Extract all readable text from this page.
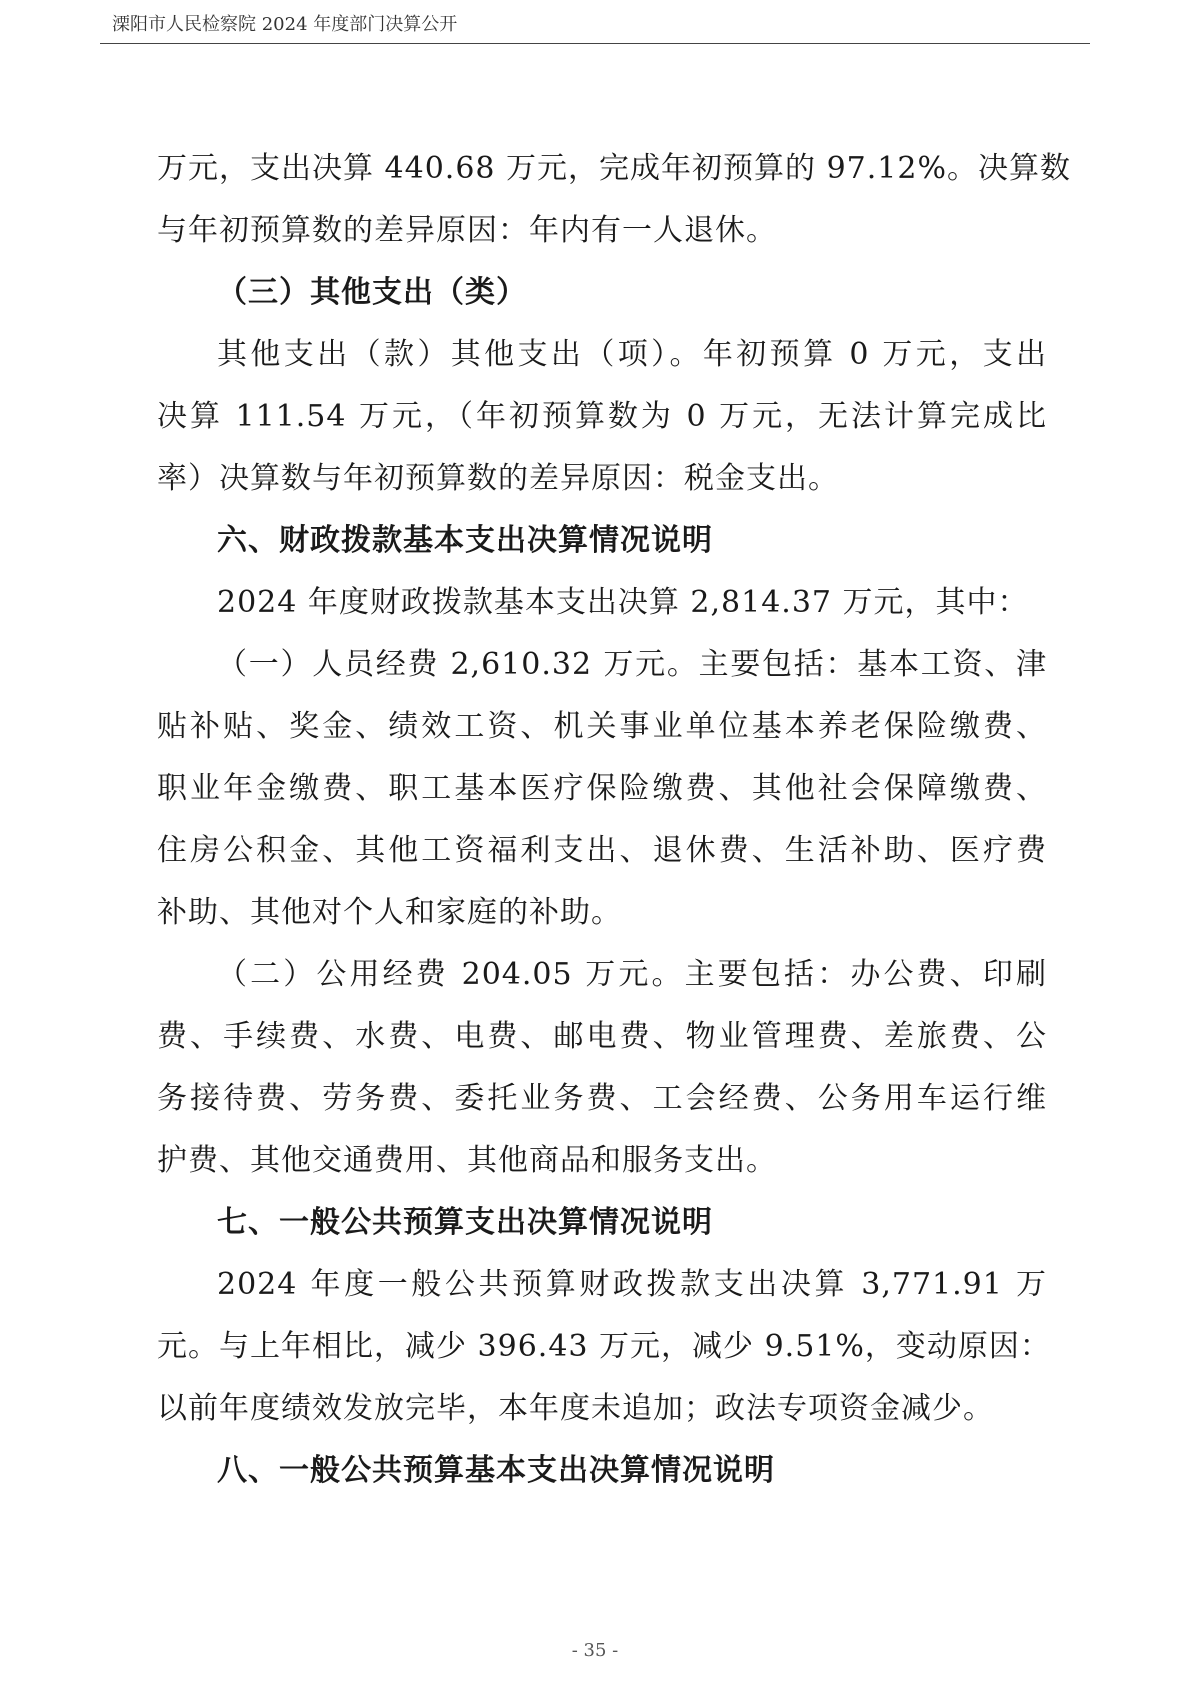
溧阳市人民检察院 2024 年度部门决算公开
万元，支出决算 440.68 万元，完成年初预算的 97.12%。决算数
与年初预算数的差异原因：年内有一人退休。
（三）其他支出（类）
其他支出（款）其他支出（项）。年初预算 0 万元，支出
决算 111.54 万元，（年初预算数为 0 万元，无法计算完成比
率）决算数与年初预算数的差异原因：税金支出。
六、财政拨款基本支出决算情况说明
2024 年度财政拨款基本支出决算 2,814.37 万元，其中：
（一）人员经费 2,610.32 万元。主要包括：基本工资、津
贴补贴、奖金、绩效工资、机关事业单位基本养老保险缴费、
职业年金缴费、职工基本医疗保险缴费、其他社会保障缴费、
住房公积金、其他工资福利支出、退休费、生活补助、医疗费
补助、其他对个人和家庭的补助。
（二）公用经费 204.05 万元。主要包括：办公费、印刷
费、手续费、水费、电费、邮电费、物业管理费、差旅费、公
务接待费、劳务费、委托业务费、工会经费、公务用车运行维
护费、其他交通费用、其他商品和服务支出。
七、一般公共预算支出决算情况说明
2024 年度一般公共预算财政拨款支出决算 3,771.91 万
元。与上年相比，减少 396.43 万元，减少 9.51%，变动原因：
以前年度绩效发放完毕，本年度未追加；政法专项资金减少。
八、一般公共预算基本支出决算情况说明
- 35 -
